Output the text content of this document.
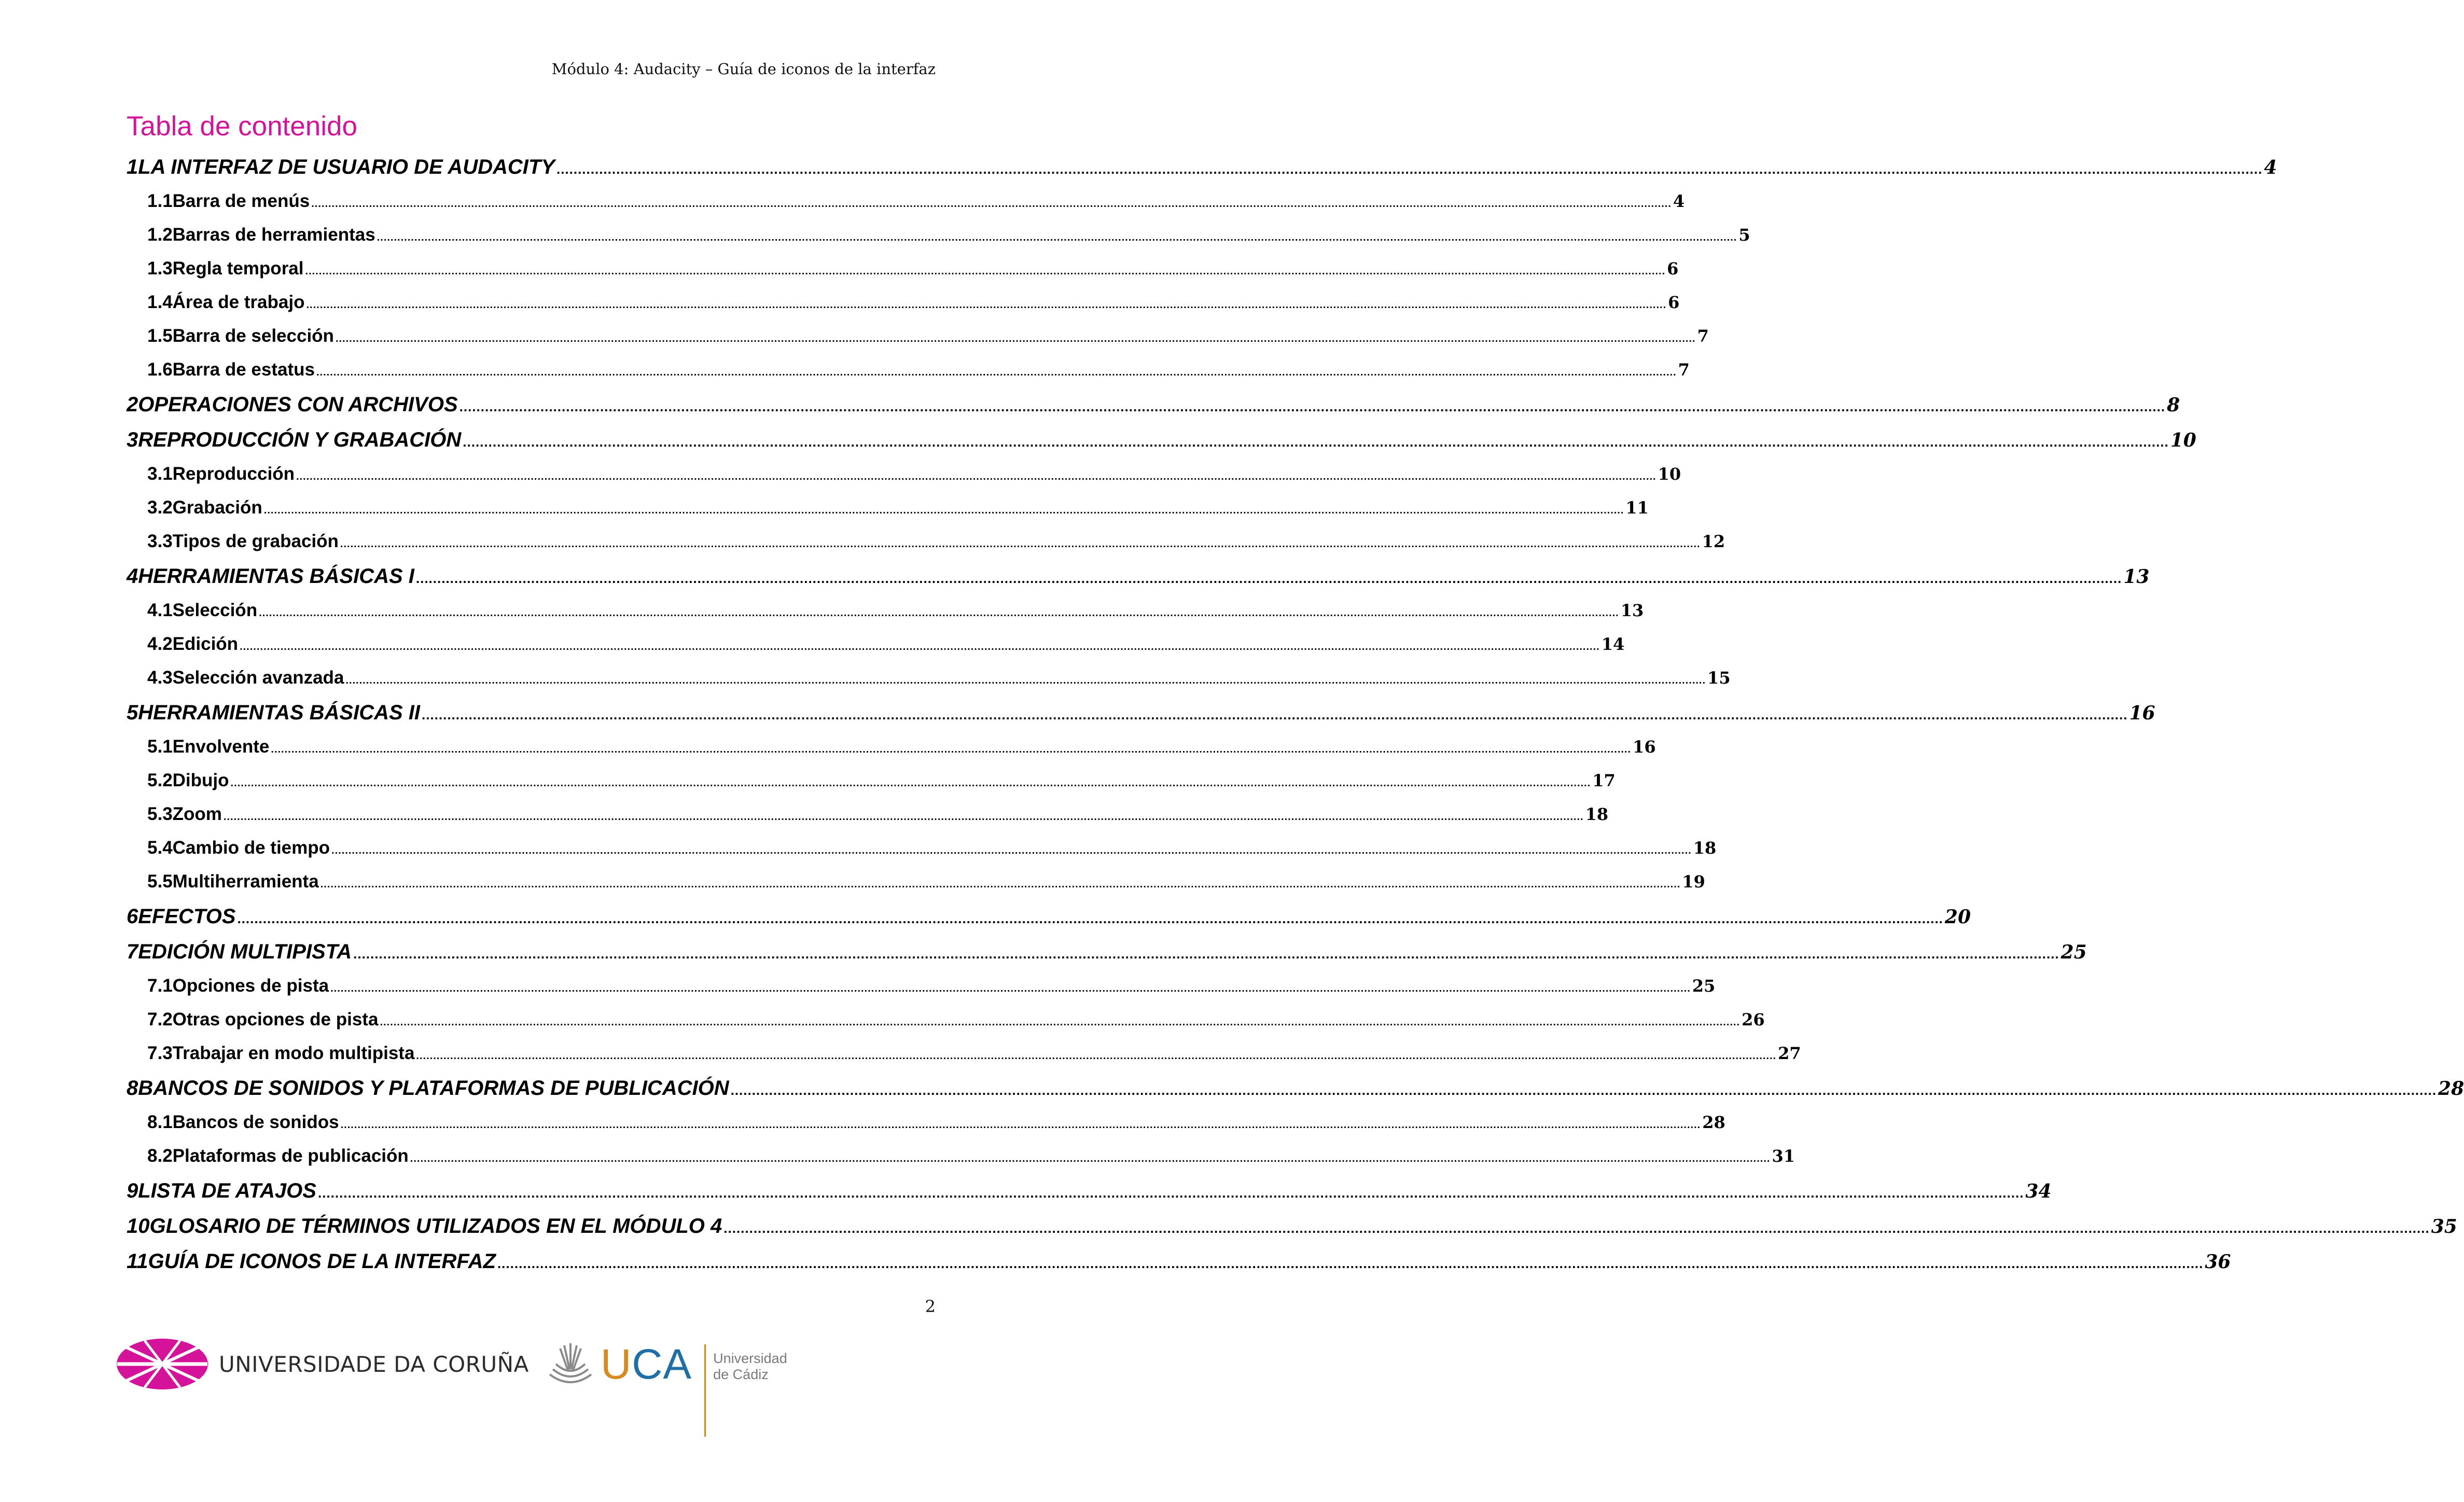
Módulo 4: Audacity – Guía de iconos de la interfaz
Tabla de contenido
1 LA INTERFAZ DE USUARIO DE AUDACITY ................................................................................................................................................................................................................................................................................................................................................................................................................ 4
1.1 Barra de menús ................................................................................................................................................................................................................................................................................................................................................................................................................ 4
1.2 Barras de herramientas ................................................................................................................................................................................................................................................................................................................................................................................................................ 5
1.3 Regla temporal ................................................................................................................................................................................................................................................................................................................................................................................................................ 6
1.4 Área de trabajo ................................................................................................................................................................................................................................................................................................................................................................................................................ 6
1.5 Barra de selección ................................................................................................................................................................................................................................................................................................................................................................................................................ 7
1.6 Barra de estatus ................................................................................................................................................................................................................................................................................................................................................................................................................ 7
2 OPERACIONES CON ARCHIVOS ................................................................................................................................................................................................................................................................................................................................................................................................................ 8
3 REPRODUCCIÓN Y GRABACIÓN ................................................................................................................................................................................................................................................................................................................................................................................................................ 10
3.1 Reproducción ................................................................................................................................................................................................................................................................................................................................................................................................................ 10
3.2 Grabación ................................................................................................................................................................................................................................................................................................................................................................................................................ 11
3.3 Tipos de grabación ................................................................................................................................................................................................................................................................................................................................................................................................................ 12
4 HERRAMIENTAS BÁSICAS I ................................................................................................................................................................................................................................................................................................................................................................................................................ 13
4.1 Selección ................................................................................................................................................................................................................................................................................................................................................................................................................ 13
4.2 Edición ................................................................................................................................................................................................................................................................................................................................................................................................................ 14
4.3 Selección avanzada ................................................................................................................................................................................................................................................................................................................................................................................................................ 15
5 HERRAMIENTAS BÁSICAS II ................................................................................................................................................................................................................................................................................................................................................................................................................ 16
5.1 Envolvente ................................................................................................................................................................................................................................................................................................................................................................................................................ 16
5.2 Dibujo ................................................................................................................................................................................................................................................................................................................................................................................................................ 17
5.3 Zoom ................................................................................................................................................................................................................................................................................................................................................................................................................ 18
5.4 Cambio de tiempo ................................................................................................................................................................................................................................................................................................................................................................................................................ 18
5.5 Multiherramienta ................................................................................................................................................................................................................................................................................................................................................................................................................ 19
6 EFECTOS ................................................................................................................................................................................................................................................................................................................................................................................................................ 20
7 EDICIÓN MULTIPISTA ................................................................................................................................................................................................................................................................................................................................................................................................................ 25
7.1 Opciones de pista ................................................................................................................................................................................................................................................................................................................................................................................................................ 25
7.2 Otras opciones de pista ................................................................................................................................................................................................................................................................................................................................................................................................................ 26
7.3 Trabajar en modo multipista ................................................................................................................................................................................................................................................................................................................................................................................................................ 27
8 BANCOS DE SONIDOS Y PLATAFORMAS DE PUBLICACIÓN ................................................................................................................................................................................................................................................................................................................................................................................................................ 28
8.1 Bancos de sonidos ................................................................................................................................................................................................................................................................................................................................................................................................................ 28
8.2 Plataformas de publicación ................................................................................................................................................................................................................................................................................................................................................................................................................ 31
9 LISTA DE ATAJOS ................................................................................................................................................................................................................................................................................................................................................................................................................ 34
10 GLOSARIO DE TÉRMINOS UTILIZADOS EN EL MÓDULO 4 ................................................................................................................................................................................................................................................................................................................................................................................................................ 35
11 GUÍA DE ICONOS DE LA INTERFAZ ................................................................................................................................................................................................................................................................................................................................................................................................................ 36
2
UNIVERSIDADE DA CORUÑA UCA Universidad
de Cádiz
